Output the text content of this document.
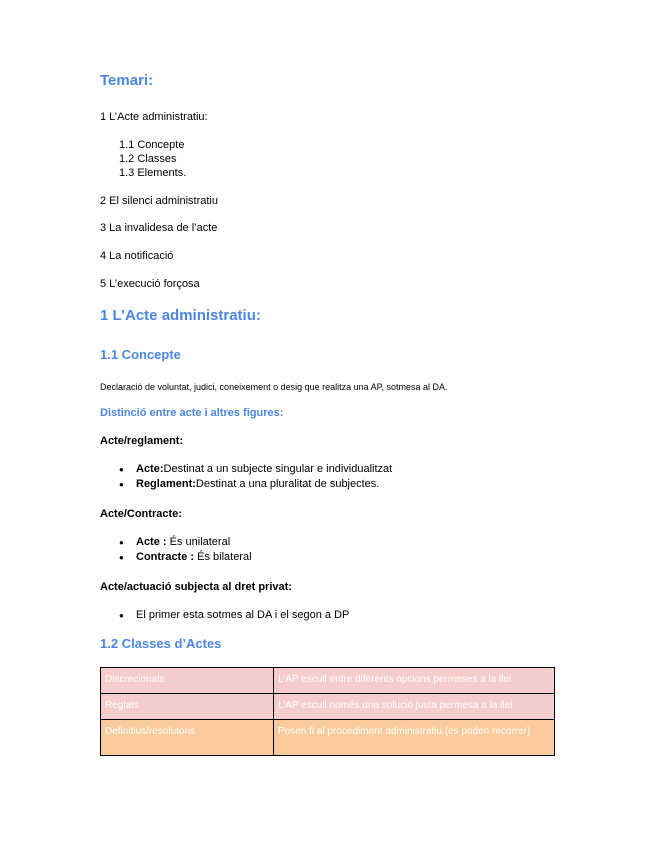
Temari:
1 L’Acte administratiu:
1.1 Concepte
1.2 Classes
1.3 Elements.
2 El silenci administratiu
3 La invalidesa de l’acte
4 La notificació
5 L’execució forçosa
1 L’Acte administratiu:
1.1 Concepte
Declaració de voluntat, judici, coneixement o desig que realitza una AP, sotmesa al DA.
Distinció entre acte i altres figures:
Acte/reglament:
● Acte:Destinat a un subjecte singular e individualitzat
● Reglament:Destinat a una pluralitat de subjectes.
Acte/Contracte:
● Acte : És unilateral
● Contracte : És bilateral
Acte/actuació subjecta al dret privat:
● El primer esta sotmes al DA i el segon a DP
1.2 Classes d’Actes
Discrecionals	L’AP escull entre diferents opcions,permeses a la llei
Reglats	L’AP escull només una solució justa permesa a la llei
Definitius/resolutoris	Posen fi al procediment administratiu.(es poden recorrer)
